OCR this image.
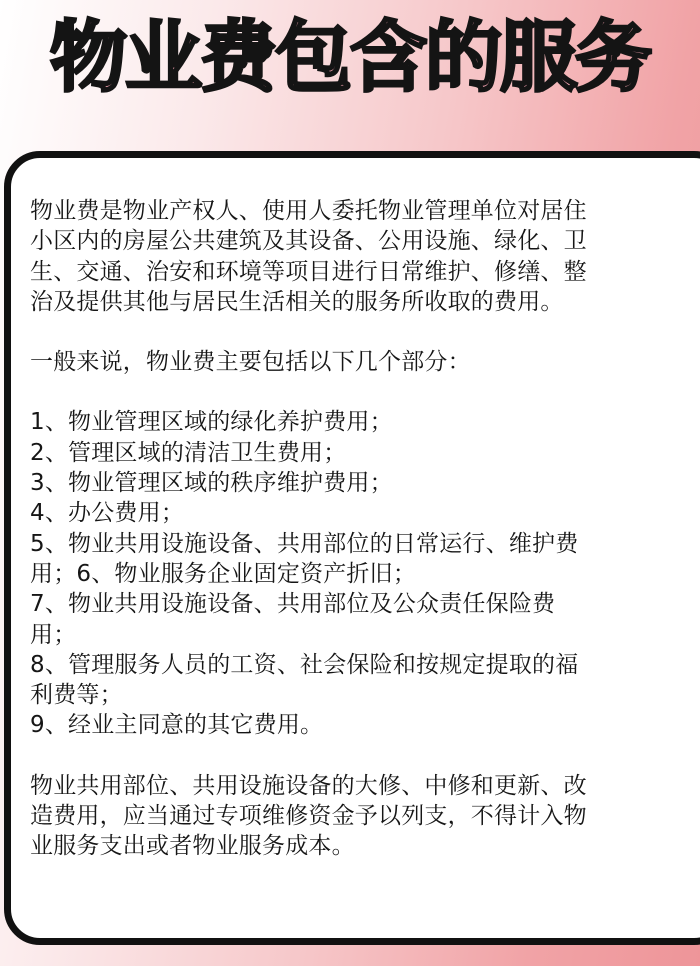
物业费包含的服务

物业费是物业产权人、使用人委托物业管理单位对居住

小区内的房屋公共建筑及其设备、公用设施、绿化、卫

生、交通、治安和环境等项目进行日常维护、修缮、整

治及提供其他与居民生活相关的服务所收取的费用。

一般来说，物业费主要包括以下几个部分：

1、物业管理区域的绿化养护费用；

2、管理区域的清洁卫生费用；

3、物业管理区域的秩序维护费用；

4、办公费用；

5、物业共用设施设备、共用部位的日常运行、维护费

用；6、物业服务企业固定资产折旧；

7、物业共用设施设备、共用部位及公众责任保险费

用；

8、管理服务人员的工资、社会保险和按规定提取的福

利费等；

9、经业主同意的其它费用。

物业共用部位、共用设施设备的大修、中修和更新、改

造费用，应当通过专项维修资金予以列支，不得计入物

业服务支出或者物业服务成本。
